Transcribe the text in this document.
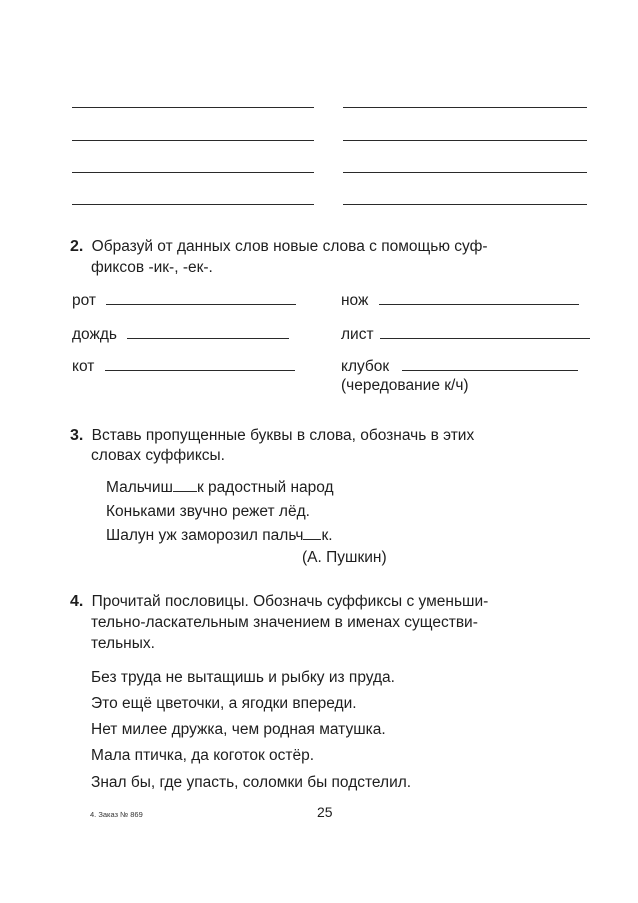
2. Образуй от данных слов новые слова с помощью суф-
фиксов -ик-, -ек-.
рот
дождь
кот
нож
лист
клубок
(чередование к/ч)
3. Вставь пропущенные буквы в слова, обозначь в этих
словах суффиксы.
Мальчиш к радостный народ
Коньками звучно режет лёд.
Шалун уж заморозил пальч к.
(А. Пушкин)
4. Прочитай пословицы. Обозначь суффиксы с уменьши-
тельно-ласкательным значением в именах существи-
тельных.
Без труда не вытащишь и рыбку из пруда.
Это ещё цветочки, а ягодки впереди.
Нет милее дружка, чем родная матушка.
Мала птичка, да коготок остёр.
Знал бы, где упасть, соломки бы подстелил.
4. Заказ № 869	25
